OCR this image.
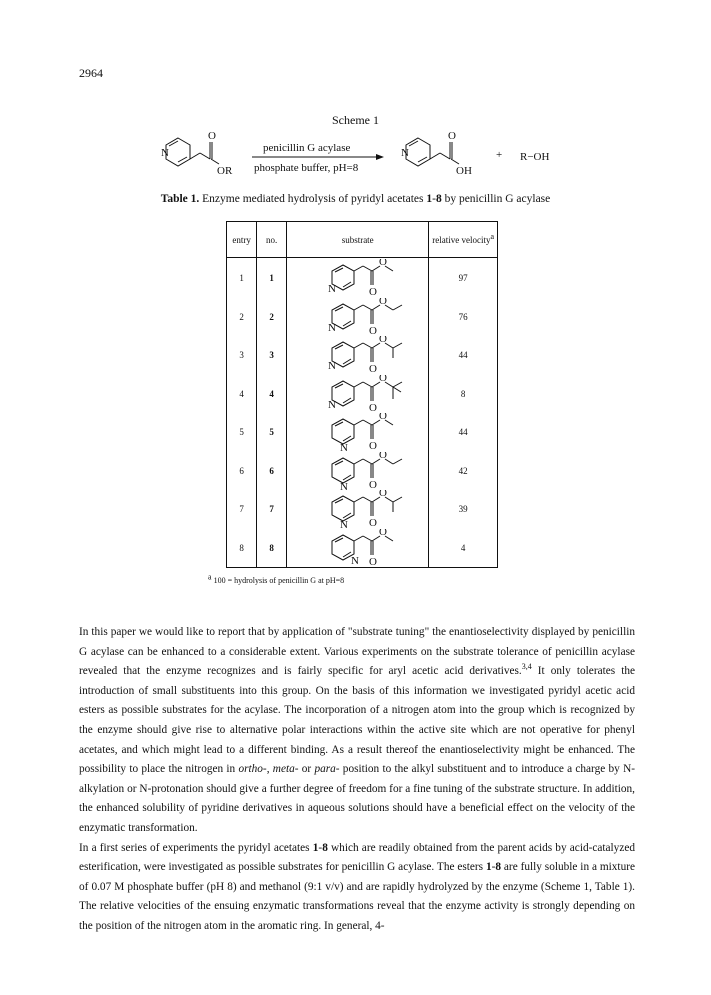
2964
Scheme 1
N
O
OR
penicillin G acylase
phosphate buffer, pH=8
N
O
OH
+ R−OH
Table 1. Enzyme mediated hydrolysis of pyridyl acetates 1-8 by penicillin G acylase
entry	no.	substrate	relative velocity$^a$
1	1	N
O
O	97
2	2	N
O
O	76
3	3	N
O
O	44
4	4	N
O
O	8
5	5	N
O
O	44
6	6	N
O
O	42
7	7	N
O
O	39
8	8	N
O
O	4
$^a$ 100 = hydrolysis of penicillin G at pH=8

In this paper we would like to report that by application of "substrate tuning" the enantioselectivity displayed by penicillin G acylase can be enhanced to a considerable extent. Various experiments on the substrate tolerance of penicillin acylase revealed that the enzyme recognizes and is fairly specific for aryl acetic acid derivatives.$^{3,4}$ It only tolerates the introduction of small substituents into this group. On the basis of this information we investigated pyridyl acetic acid esters as possible substrates for the acylase. The incorporation of a nitrogen atom into the group which is recognized by the enzyme should give rise to alternative polar interactions within the active site which are not operative for phenyl acetates, and which might lead to a different binding. As a result thereof the enantioselectivity might be enhanced. The possibility to place the nitrogen in ortho-, meta- or para- position to the alkyl substituent and to introduce a charge by N-alkylation or N-protonation should give a further degree of freedom for a fine tuning of the substrate structure. In addition, the enhanced solubility of pyridine derivatives in aqueous solutions should have a beneficial effect on the velocity of the enzymatic transformation.

In a first series of experiments the pyridyl acetates 1-8 which are readily obtained from the parent acids by acid-catalyzed esterification, were investigated as possible substrates for penicillin G acylase. The esters 1-8 are fully soluble in a mixture of 0.07 M phosphate buffer (pH 8) and methanol (9:1 v/v) and are rapidly hydrolyzed by the enzyme (Scheme 1, Table 1). The relative velocities of the ensuing enzymatic transformations reveal that the enzyme activity is strongly depending on the position of the nitrogen atom in the aromatic ring. In general, 4-
